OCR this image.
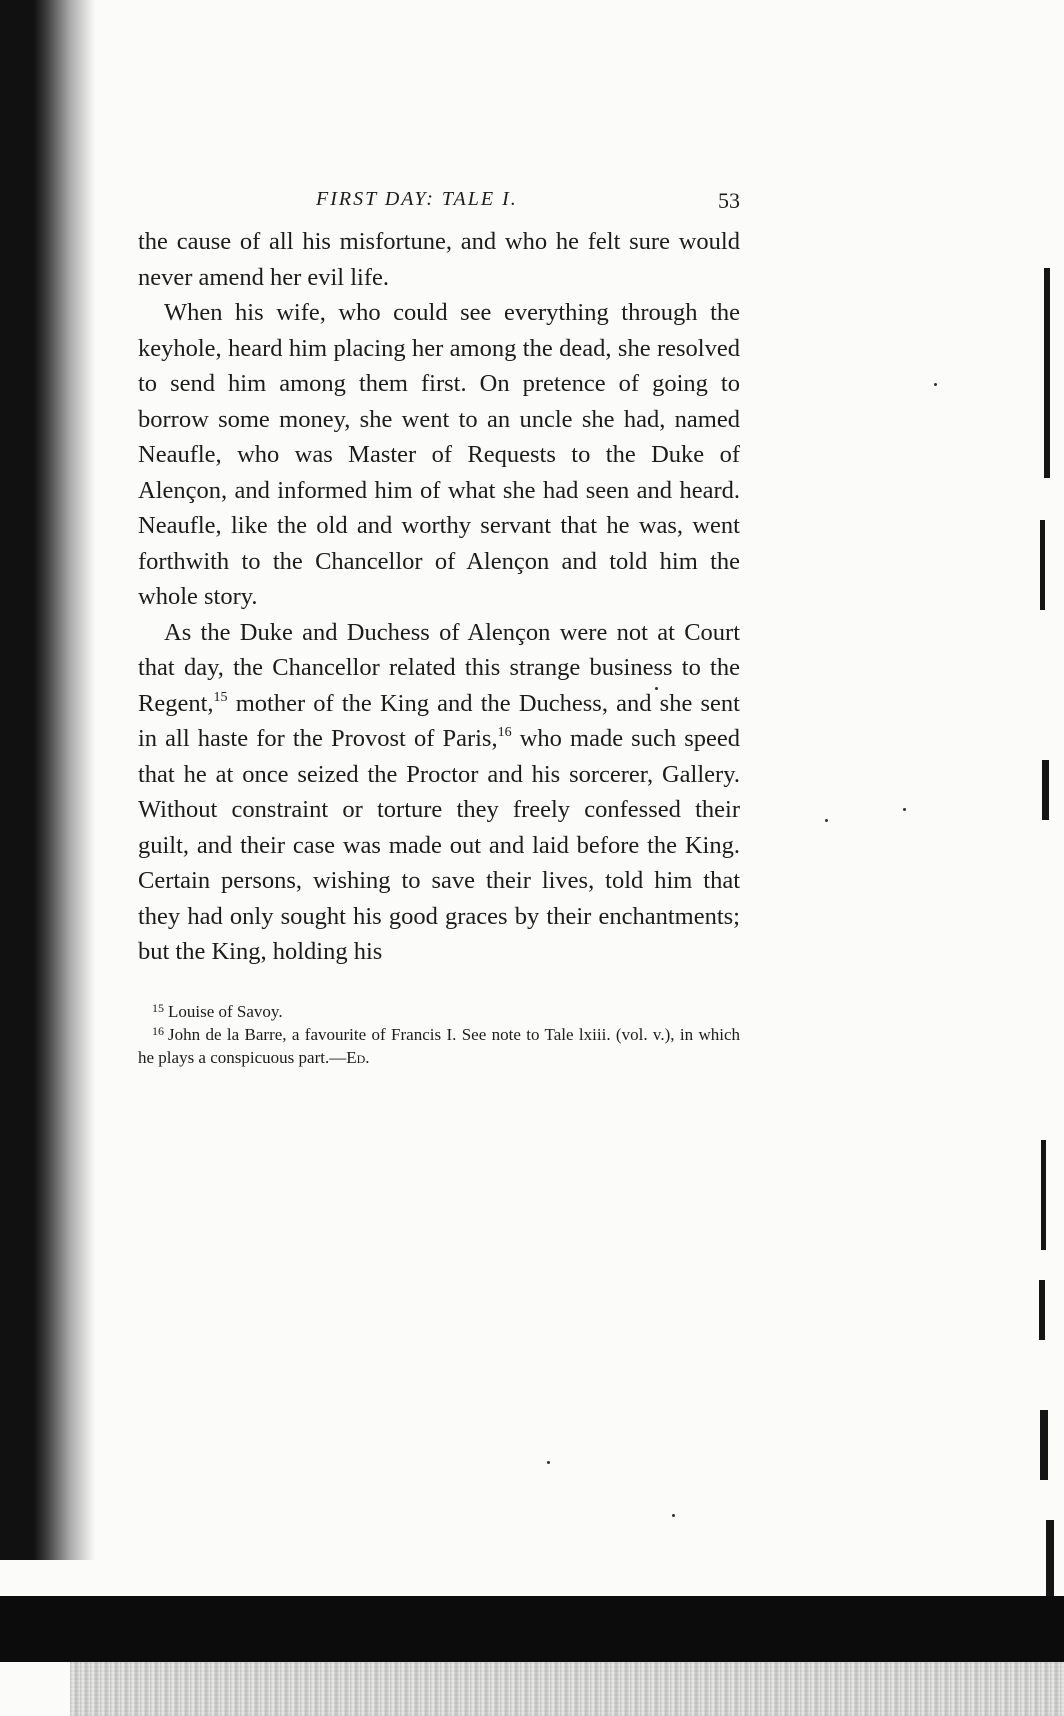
FIRST DAY: TALE I.	53

the cause of all his misfortune, and who he felt sure would never amend her evil life.

When his wife, who could see everything through the keyhole, heard him placing her among the dead, she resolved to send him among them first. On pretence of going to borrow some money, she went to an uncle she had, named Neaufle, who was Master of Requests to the Duke of Alençon, and informed him of what she had seen and heard. Neaufle, like the old and worthy servant that he was, went forthwith to the Chancellor of Alençon and told him the whole story.

As the Duke and Duchess of Alençon were not at Court that day, the Chancellor related this strange business to the Regent,$^{15}$ mother of the King and the Duchess, and she sent in all haste for the Provost of Paris,$^{16}$ who made such speed that he at once seized the Proctor and his sorcerer, Gallery. Without constraint or torture they freely confessed their guilt, and their case was made out and laid before the King. Certain persons, wishing to save their lives, told him that they had only sought his good graces by their enchantments; but the King, holding his

$^{15}$ Louise of Savoy.

$^{16}$ John de la Barre, a favourite of Francis I. See note to Tale lxiii. (vol. v.), in which he plays a conspicuous part.—Ed.
